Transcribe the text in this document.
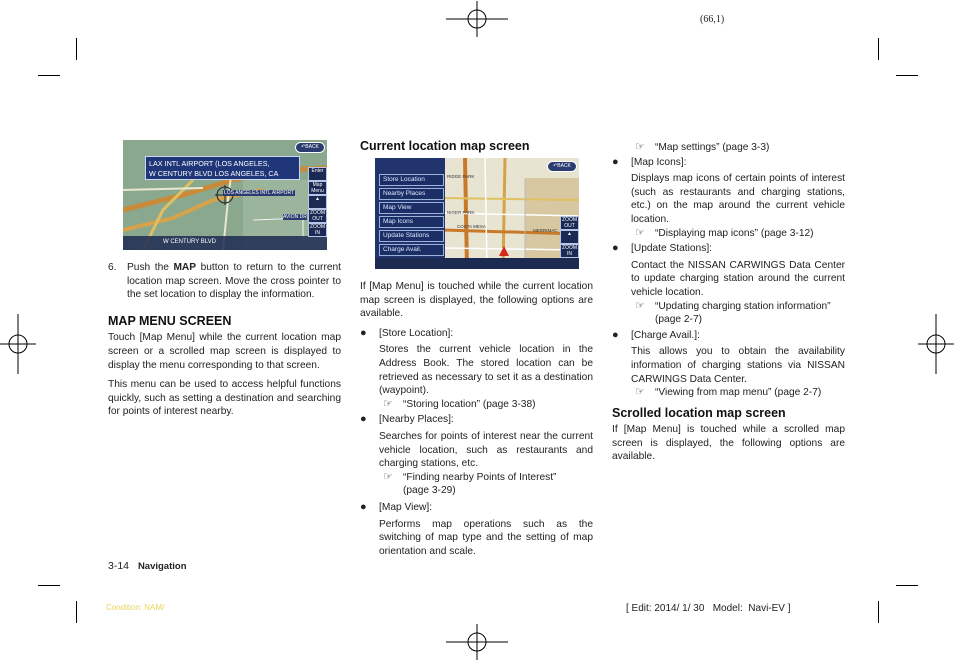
(66,1)
LAX INTL AIRPORT (LOS ANGELES,
W CENTURY BLVD LOS ANGELES, CA
↶BACK
LOS ANGELES INTL AIRPORT
AVION DR
Enter
Map Menu
▲
ZOOM OUT
ZOOM IN
W CENTURY BLVD
6.	Push the MAP button to return to the current location map screen. Move the cross pointer to the set location to display the information.

MAP MENU SCREEN

Touch [Map Menu] while the current location map screen or a scrolled map screen is displayed to display the menu corresponding to that screen.

This menu can be used to access helpful functions quickly, such as setting a destination and searching for points of interest nearby.

Current location map screen
Store Location
Nearby Places
Map View
Map Icons
Update Stations
Charge Avail.
↶BACK
RIDGE PARK
NIGER PARK
COSTA MESA
MERRIMAC
ZOOM OUT
▲
ZOOM IN

If [Map Menu] is touched while the current location map screen is displayed, the following options are available.

●	[Store Location]:

Stores the current vehicle location in the Address Book. The stored location can be retrieved as necessary to set it as a destination (waypoint).

☞ “Storing location” (page 3-38)
●	[Nearby Places]:

Searches for points of interest near the current vehicle location, such as restaurants and charging stations, etc.

☞ “Finding nearby Points of Interest” (page 3-29)
●	[Map View]:

Performs map operations such as the switching of map type and the setting of map orientation and scale.

☞ “Map settings” (page 3-3)
●	[Map Icons]:

Displays map icons of certain points of interest (such as restaurants and charging stations, etc.) on the map around the current vehicle location.

☞ “Displaying map icons” (page 3-12)
●	[Update Stations]:

Contact the NISSAN CARWINGS Data Center to update charging station around the current vehicle location.

☞ “Updating charging station information” (page 2-7)
●	[Charge Avail.]:

This allows you to obtain the availability information of charging stations via NISSAN CARWINGS Data Center.

☞ “Viewing from map menu” (page 2-7)
Scrolled location map screen

If [Map Menu] is touched while a scrolled map screen is displayed, the following options are available.

3-14 Navigation
Condition: NAM/	[ Edit: 2014/ 1/ 30   Model:  Navi-EV ]
